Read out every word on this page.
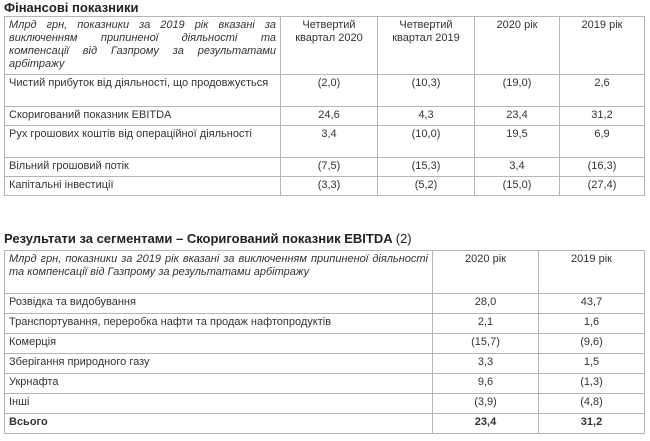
Фінансові показники
Млрд грн, показники за 2019 рік вказані за виключенням припиненої діяльності та компенсації від Газпрому за результатами арбітражу	Четвертий квартал 2020	Четвертий квартал 2019	2020 рік	2019 рік
Чистий прибуток від діяльності, що продовжується	(2,0)	(10,3)	(19,0)	2,6
Скоригований показник EBITDA	24,6	4,3	23,4	31,2
Рух грошових коштів від операційної діяльності	3,4	(10,0)	19,5	6,9
Вільний грошовий потік	(7,5)	(15,3)	3,4	(16,3)
Капітальні інвестиції	(3,3)	(5,2)	(15,0)	(27,4)
Результати за сегментами – Скоригований показник EBITDA (2)
Млрд грн, показники за 2019 рік вказані за виключенням припиненої діяльності та компенсації від Газпрому за результатами арбітражу	2020 рік	2019 рік
Розвідка та видобування	28,0	43,7
Транспортування, переробка нафти та продаж нафтопродуктів	2,1	1,6
Комерція	(15,7)	(9,6)
Зберігання природного газу	3,3	1,5
Укрнафта	9,6	(1,3)
Інші	(3,9)	(4,8)
Всього	23,4	31,2
